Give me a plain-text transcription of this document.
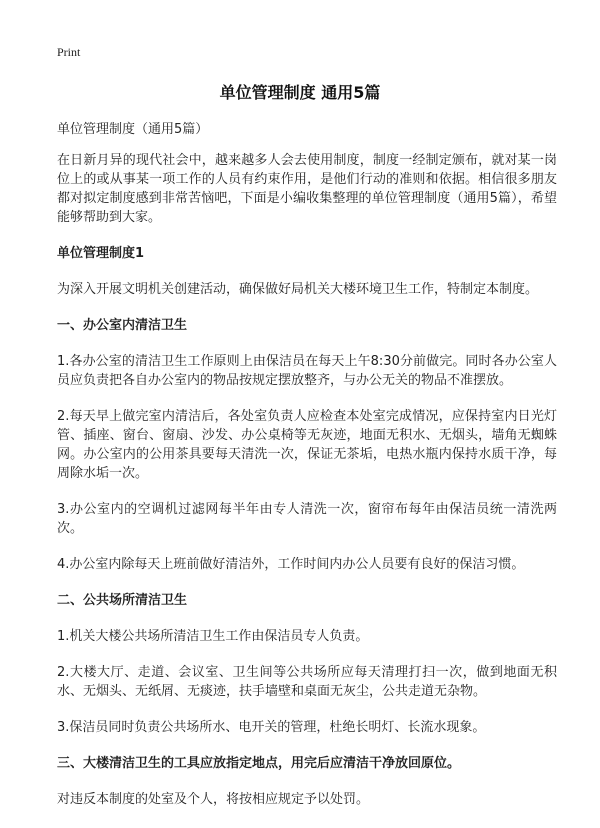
Print
单位管理制度 通用5篇

单位管理制度（通用5篇）

在日新月异的现代社会中，越来越多人会去使用制度，制度一经制定颁布，就对某一岗位上的或从事某一项工作的人员有约束作用，是他们行动的准则和依据。相信很多朋友都对拟定制度感到非常苦恼吧，下面是小编收集整理的单位管理制度（通用5篇），希望能够帮助到大家。

单位管理制度1

为深入开展文明机关创建活动，确保做好局机关大楼环境卫生工作，特制定本制度。

一、办公室内清洁卫生

1.各办公室的清洁卫生工作原则上由保洁员在每天上午8:30分前做完。同时各办公室人员应负责把各自办公室内的物品按规定摆放整齐，与办公无关的物品不准摆放。

2.每天早上做完室内清洁后，各处室负责人应检查本处室完成情况，应保持室内日光灯管、插座、窗台、窗扇、沙发、办公桌椅等无灰迹，地面无积水、无烟头，墙角无蜘蛛网。办公室内的公用茶具要每天清洗一次，保证无茶垢，电热水瓶内保持水质干净，每周除水垢一次。

3.办公室内的空调机过滤网每半年由专人清洗一次，窗帘布每年由保洁员统一清洗两次。

4.办公室内除每天上班前做好清洁外，工作时间内办公人员要有良好的保洁习惯。

二、公共场所清洁卫生

1.机关大楼公共场所清洁卫生工作由保洁员专人负责。

2.大楼大厅、走道、会议室、卫生间等公共场所应每天清理打扫一次，做到地面无积水、无烟头、无纸屑、无痰迹，扶手墙壁和桌面无灰尘，公共走道无杂物。

3.保洁员同时负责公共场所水、电开关的管理，杜绝长明灯、长流水现象。

三、大楼清洁卫生的工具应放指定地点，用完后应清洁干净放回原位。

对违反本制度的处室及个人，将按相应规定予以处罚。
